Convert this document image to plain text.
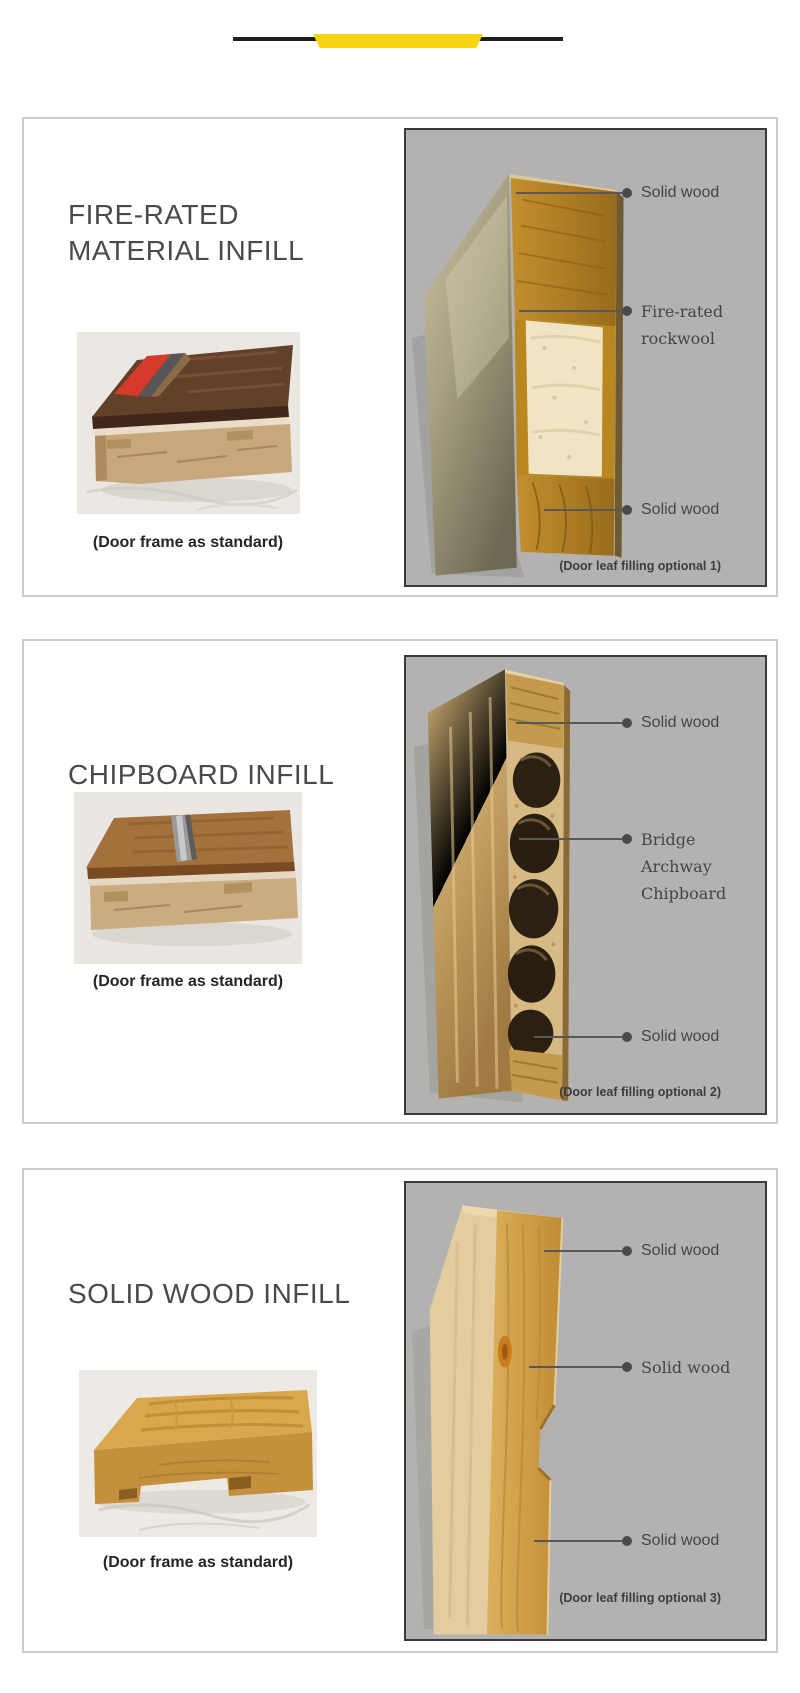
FIRE-RATED
MATERIAL INFILL
(Door frame as standard)
Solid wood
Fire-rated rockwool
Solid wood
(Door leaf filling optional 1)
CHIPBOARD INFILL
(Door frame as standard)
Solid wood
Bridge Archway Chipboard
Solid wood
(Door leaf filling optional 2)
SOLID WOOD INFILL
(Door frame as standard)
Solid wood
Solid wood
Solid wood
(Door leaf filling optional 3)
